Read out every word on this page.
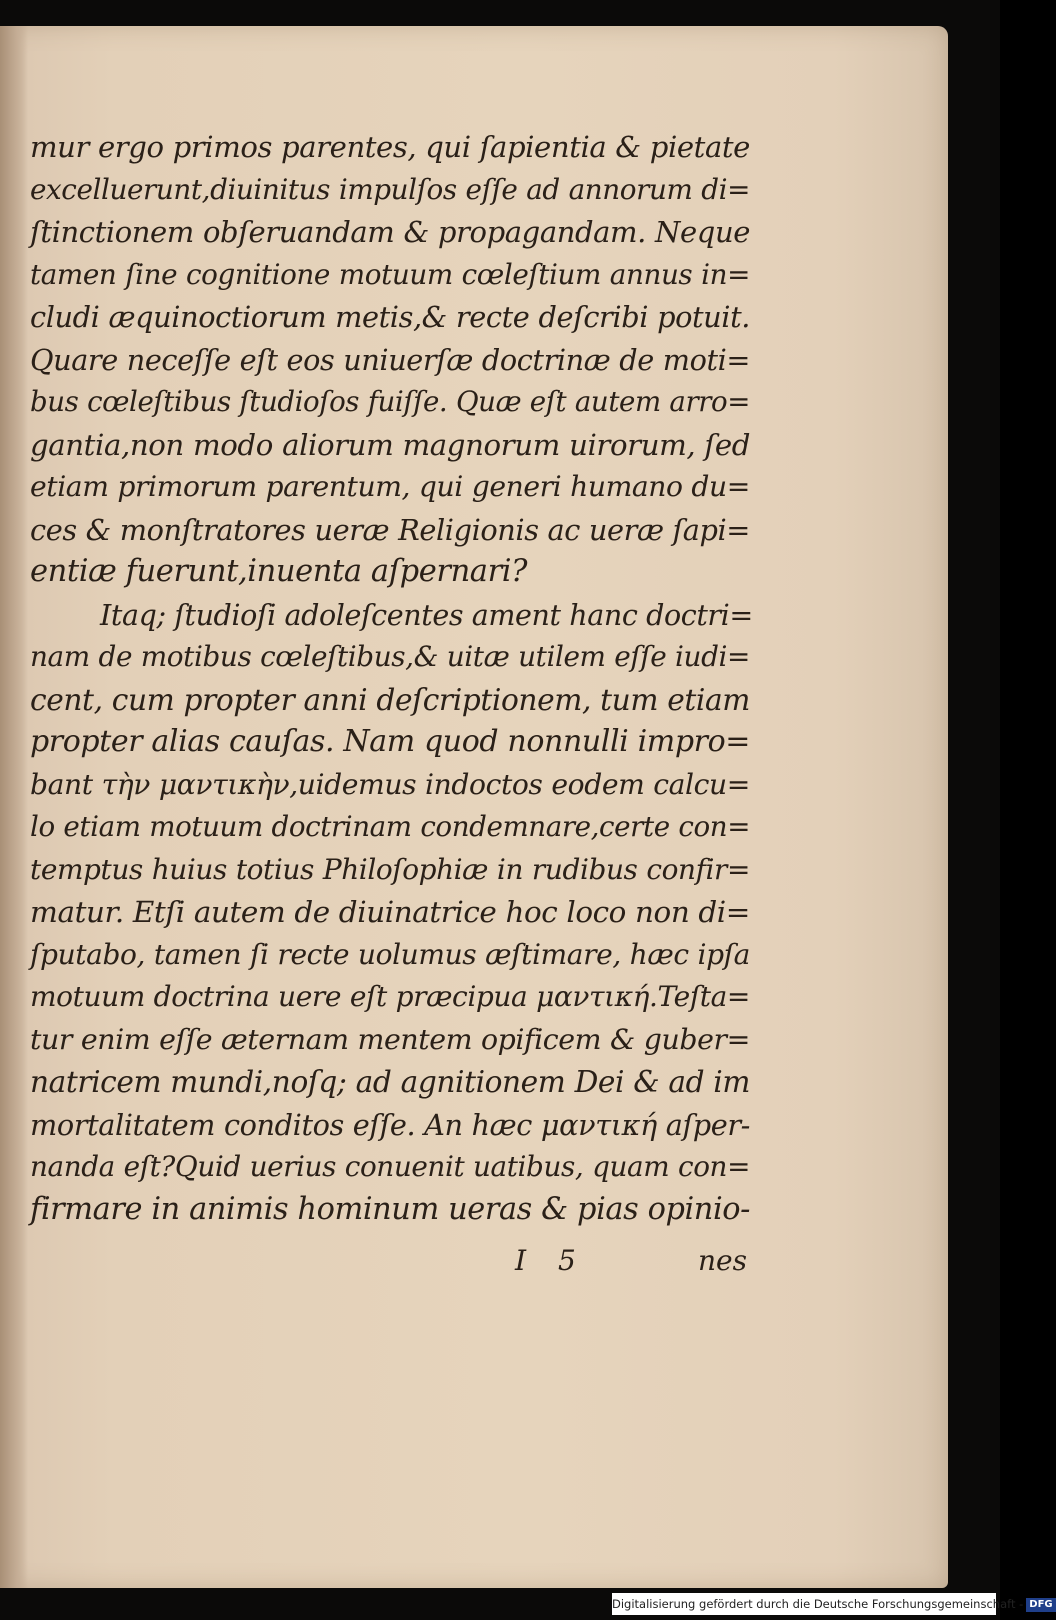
mur ergo primos parentes, qui ſapientia & pietate
excelluerunt,diuinitus impulſos eſſe ad annorum di=
ſtinctionem obſeruandam & propagandam. Neque
tamen ſine cognitione motuum cœleſtium annus in=
cludi æquinoctiorum metis,& recte deſcribi potuit.
Quare neceſſe eſt eos uniuerſæ doctrinæ de moti=
bus cœleſtibus ſtudioſos fuiſſe. Quæ eſt autem arro=
gantia,non modo aliorum magnorum uirorum, ſed
etiam primorum parentum, qui generi humano du=
ces & monſtratores ueræ Religionis ac ueræ ſapi=
entiæ fuerunt,inuenta aſpernari?
Itaq; ſtudioſi adoleſcentes ament hanc doctri=
nam de motibus cœleſtibus,& uitæ utilem eſſe iudi=
cent, cum propter anni deſcriptionem, tum etiam
propter alias cauſas. Nam quod nonnulli impro=
bant τὴν μαντικὴν,uidemus indoctos eodem calcu=
lo etiam motuum doctrinam condemnare,certe con=
temptus huius totius Philoſophiæ in rudibus confir=
matur. Etſi autem de diuinatrice hoc loco non di=
ſputabo, tamen ſi recte uolumus æſtimare, hæc ipſa
motuum doctrina uere eſt præcipua μαντική.Teſta=
tur enim eſſe æternam mentem opificem & guber=
natricem mundi,noſq; ad agnitionem Dei & ad im
mortalitatem conditos eſſe. An hæc μαντική aſper-
nanda eſt?Quid uerius conuenit uatibus, quam con=
firmare in animis hominum ueras & pias opinio-
I 5	nes
Digitalisierung gefördert durch die Deutsche Forschungsgemeinschaft - DFG
